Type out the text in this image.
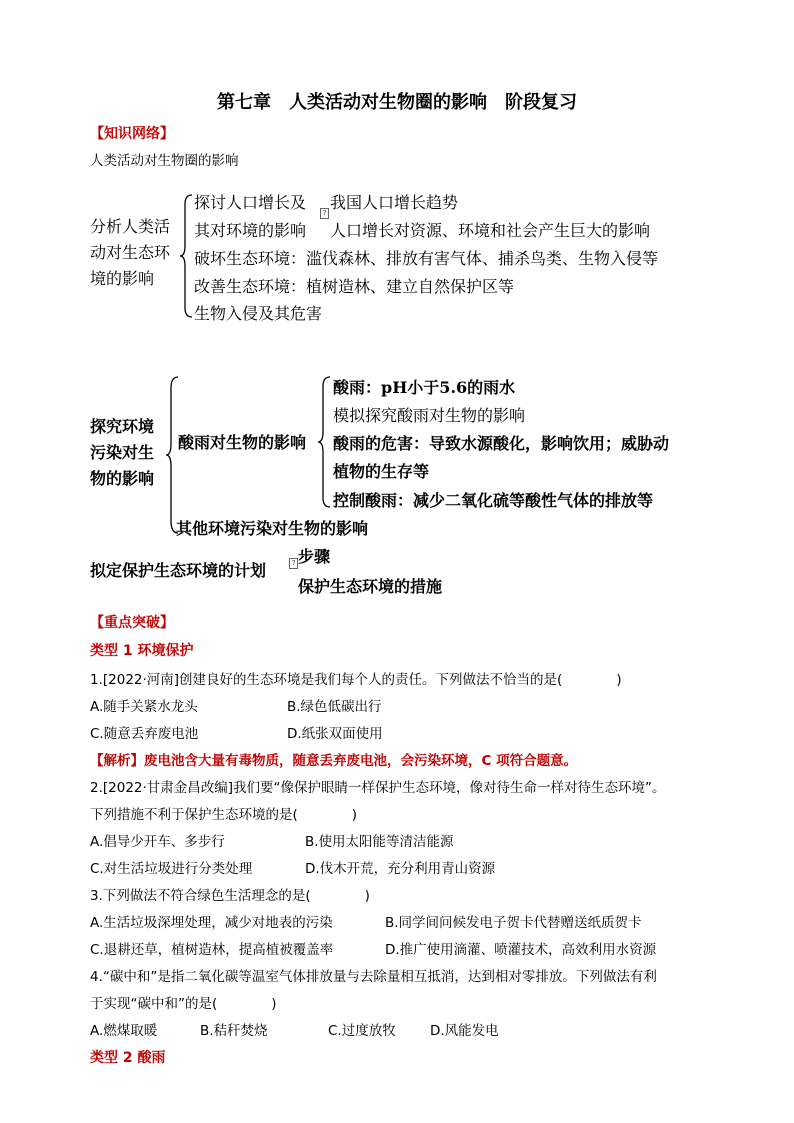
第七章　人类活动对生物圈的影响　阶段复习
【知识网络】
人类活动对生物圈的影响
分析人类活动对生态环境的影响
探讨人口增长及 我国人口增长趋势
其对环境的影响
?
人口增长对资源、环境和社会产生巨大的影响
破坏生态环境：滥伐森林、排放有害气体、捕杀鸟类、生物入侵等
改善生态环境：植树造林、建立自然保护区等
生物入侵及其危害
探究环境污染对生物的影响
酸雨对生物的影响
酸雨：pH小于5.6的雨水
模拟探究酸雨对生物的影响
酸雨的危害：导致水源酸化，影响饮用；威胁动
植物的生存等
控制酸雨：减少二氧化硫等酸性气体的排放等
其他环境污染对生物的影响
拟定保护生态环境的计划	? 步骤
保护生态环境的措施
【重点突破】
类型 1 环境保护
1.[2022·河南]创建良好的生态环境是我们每个人的责任。下列做法不恰当的是(　　　　)
A.随手关紧水龙头	B.绿色低碳出行
C.随意丢弃废电池	D.纸张双面使用
【解析】废电池含大量有毒物质，随意丢弃废电池，会污染环境，C 项符合题意。
2.[2022·甘肃金昌改编]我们要“像保护眼睛一样保护生态环境，像对待生命一样对待生态环境”。
下列措施不利于保护生态环境的是(　　　　)
A.倡导少开车、多步行	B.使用太阳能等清洁能源
C.对生活垃圾进行分类处理	D.伐木开荒，充分利用青山资源
3.下列做法不符合绿色生活理念的是(　　　　)
A.生活垃圾深埋处理，减少对地表的污染	B.同学间问候发电子贺卡代替赠送纸质贺卡
C.退耕还草，植树造林，提高植被覆盖率	D.推广使用滴灌、喷灌技术，高效利用水资源
4.“碳中和”是指二氧化碳等温室气体排放量与去除量相互抵消，达到相对零排放。下列做法有利
于实现“碳中和”的是(　　　　)
A.燃煤取暖	B.秸秆焚烧	C.过度放牧	D.风能发电
类型 2 酸雨
